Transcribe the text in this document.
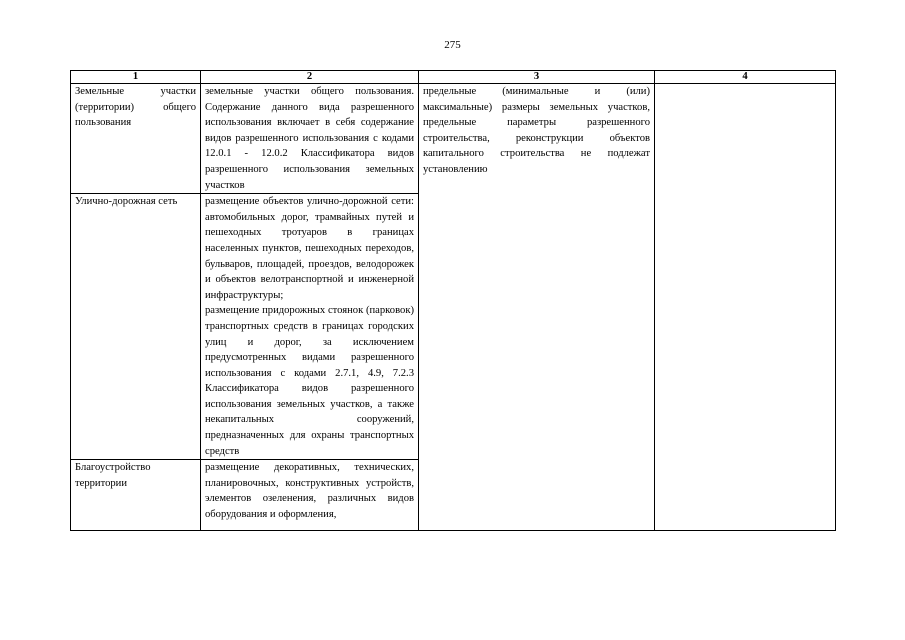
275
1	2	3	4

Земельные участки (территории) общего пользования	земельные участки общего пользования. Содержание данного вида разрешенного использования включает в себя содержание видов разрешенного использования с кодами 12.0.1 - 12.0.2 Классификатора видов разрешенного использования земельных участков	предельные (минимальные и (или) максимальные) размеры земельных участков, предельные параметры разрешенного строительства, реконструкции объектов капитального строительства не подлежат установлению	

Улично-дорожная сеть	размещение объектов улично-дорожной сети: автомобильных дорог, трамвайных путей и пешеходных тротуаров в границах населенных пунктов, пешеходных переходов, бульваров, площадей, проездов, велодорожек и объектов велотранспортной и инженерной инфраструктуры;
размещение придорожных стоянок (парковок) транспортных средств в границах городских улиц и дорог, за исключением предусмотренных видами разрешенного использования с кодами 2.7.1, 4.9, 7.2.3 Классификатора видов разрешенного использования земельных участков, а также некапитальных сооружений, предназначенных для охраны транспортных средств		

Благоустройство территории	размещение декоративных, технических, планировочных, конструктивных устройств, элементов озеленения, различных видов оборудования и оформления,		
